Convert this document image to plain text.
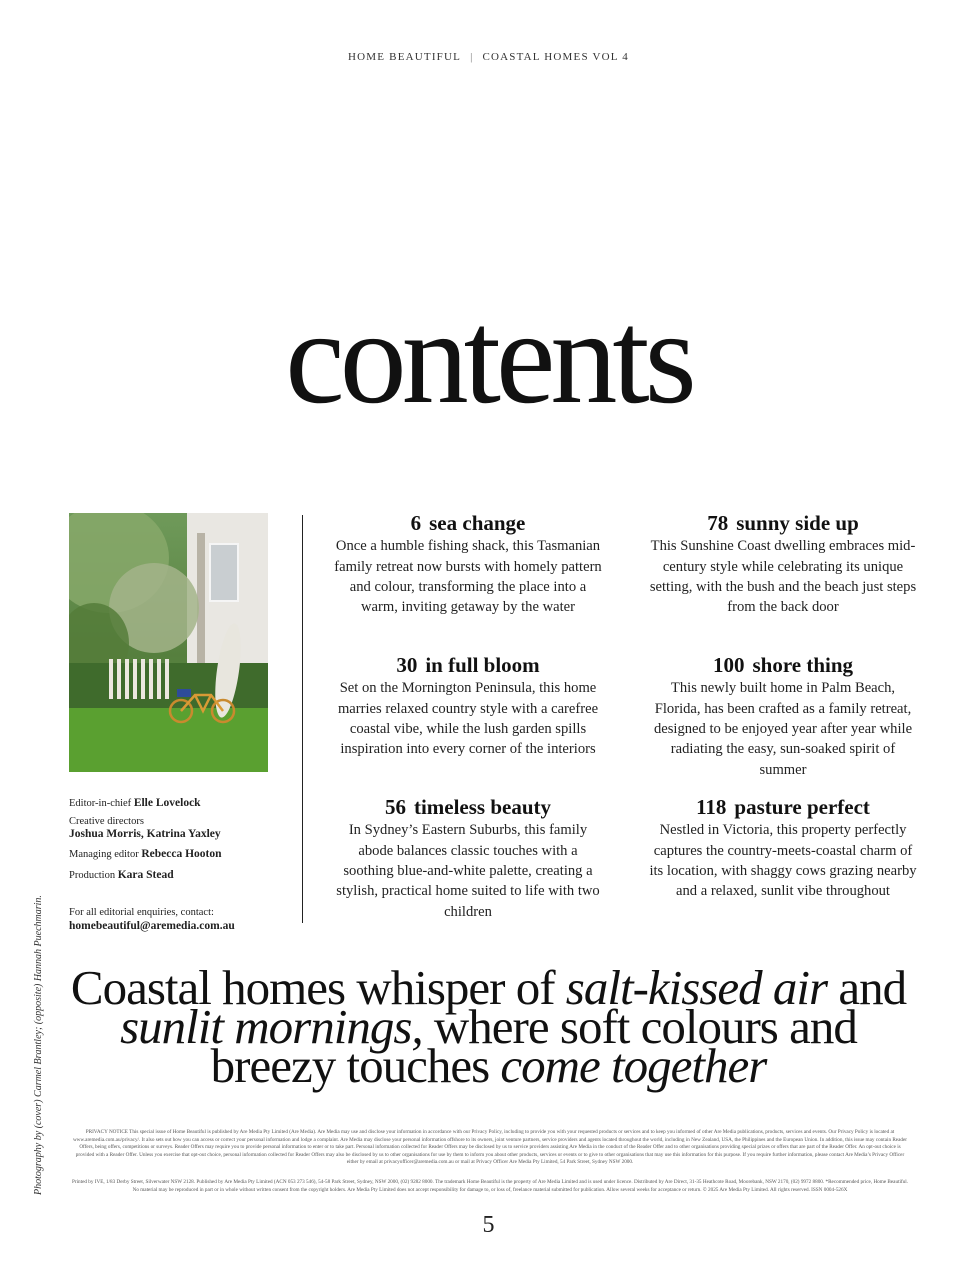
HOME BEAUTIFUL | COASTAL HOMES VOL 4
contents
Editor-in-chief Elle Lovelock
Creative directors
Joshua Morris, Katrina Yaxley
Managing editor Rebecca Hooton
Production Kara Stead
For all editorial enquiries, contact:
homebeautiful@aremedia.com.au
6 sea change
Once a humble fishing shack, this Tasmanian family retreat now bursts with homely pattern and colour, transforming the place into a warm, inviting getaway by the water
30 in full bloom
Set on the Mornington Peninsula, this home marries relaxed country style with a carefree coastal vibe, while the lush garden spills inspiration into every corner of the interiors
56 timeless beauty
In Sydney’s Eastern Suburbs, this family abode balances classic touches with a soothing blue-and-white palette, creating a stylish, practical home suited to life with two children
78 sunny side up
This Sunshine Coast dwelling embraces mid-century style while celebrating its unique setting, with the bush and the beach just steps from the back door
100 shore thing
This newly built home in Palm Beach, Florida, has been crafted as a family retreat, designed to be enjoyed year after year while radiating the easy, sun-soaked spirit of summer
118 pasture perfect
Nestled in Victoria, this property perfectly captures the country-meets-coastal charm of its location, with shaggy cows grazing nearby and a relaxed, sunlit vibe throughout
Coastal homes whisper of salt-kissed air and sunlit mornings, where soft colours and breezy touches come together
PRIVACY NOTICE This special issue of Home Beautiful is published by Are Media Pty Limited (Are Media). Are Media may use and disclose your information in accordance with our Privacy Policy, including to provide you with your requested products or services and to keep you informed of other Are Media publications, products, services and events. Our Privacy Policy is located at www.aremedia.com.au/privacy/. It also sets out how you can access or correct your personal information and lodge a complaint. Are Media may disclose your personal information offshore to its owners, joint venture partners, service providers and agents located throughout the world, including in New Zealand, USA, the Philippines and the European Union. In addition, this issue may contain Reader Offers, being offers, competitions or surveys. Reader Offers may require you to provide personal information to enter or to take part. Personal information collected for Reader Offers may be disclosed by us to service providers assisting Are Media in the conduct of the Reader Offer and to other organisations providing special prizes or offers that are part of the Reader Offer. An opt-out choice is provided with a Reader Offer. Unless you exercise that opt-out choice, personal information collected for Reader Offers may also be disclosed by us to other organisations for use by them to inform you about other products, services or events or to give to other organisations that may use this information for this purpose. If you require further information, please contact Are Media’s Privacy Officer either by email at privacyofficer@aremedia.com.au or mail at Privacy Officer Are Media Pty Limited, 54 Park Street, Sydney NSW 2000.
Printed by IVE, 1/83 Derby Street, Silverwater NSW 2128. Published by Are Media Pty Limited (ACN 053 273 546), 54-58 Park Street, Sydney, NSW 2000, (02) 9282 8000. The trademark Home Beautiful is the property of Are Media Limited and is used under licence. Distributed by Are Direct, 31-35 Heathcote Road, Moorebank, NSW 2170, (02) 9972 8800. *Recommended price, Home Beautiful. No material may be reproduced in part or in whole without written consent from the copyright holders. Are Media Pty Limited does not accept responsibility for damage to, or loss of, freelance material submitted for publication. Allow several weeks for acceptance or return. © 2025 Are Media Pty Limited. All rights reserved. ISSN 0004-526X
Photography by (cover) Carmel Brantley; (opposite) Hannah Puechmarin.
5
